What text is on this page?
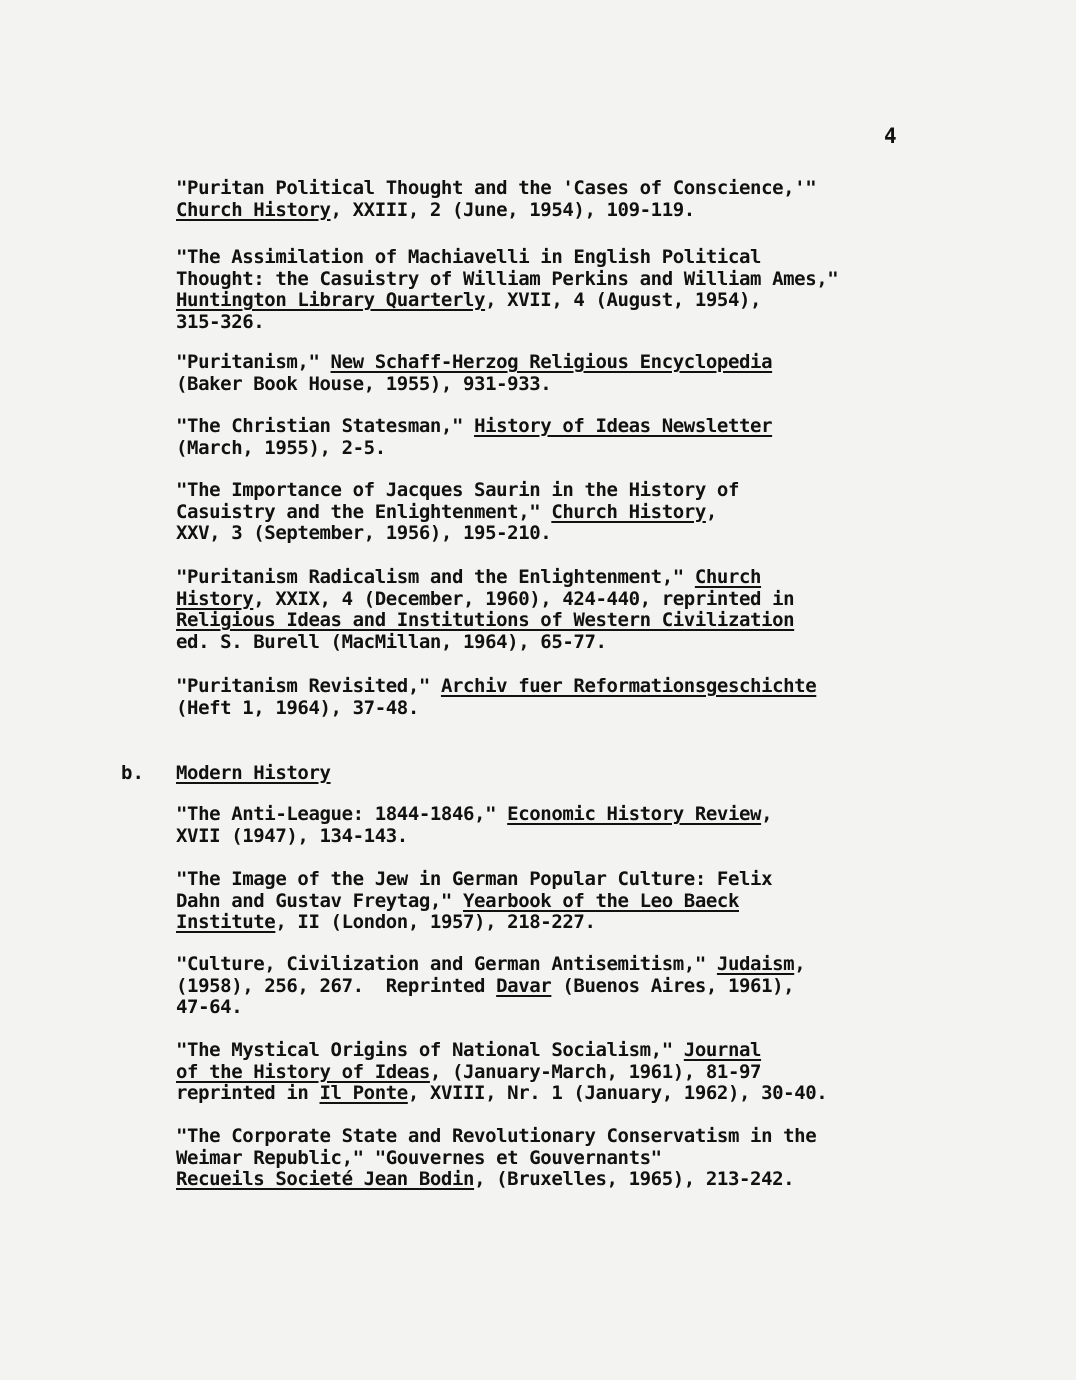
4
"Puritan Political Thought and the 'Cases of Conscience,'"
Church History, XXIII, 2 (June, 1954), 109-119.
"The Assimilation of Machiavelli in English Political
Thought: the Casuistry of William Perkins and William Ames,"
Huntington Library Quarterly, XVII, 4 (August, 1954),
315-326.
"Puritanism," New Schaff-Herzog Religious Encyclopedia
(Baker Book House, 1955), 931-933.
"The Christian Statesman," History of Ideas Newsletter
(March, 1955), 2-5.
"The Importance of Jacques Saurin in the History of
Casuistry and the Enlightenment," Church History,
XXV, 3 (September, 1956), 195-210.
"Puritanism Radicalism and the Enlightenment," Church
History, XXIX, 4 (December, 1960), 424-440, reprinted in
Religious Ideas and Institutions of Western Civilization
ed. S. Burell (MacMillan, 1964), 65-77.
"Puritanism Revisited," Archiv fuer Reformationsgeschichte
(Heft 1, 1964), 37-48.
b. Modern History
"The Anti-League: 1844-1846," Economic History Review,
XVII (1947), 134-143.
"The Image of the Jew in German Popular Culture: Felix
Dahn and Gustav Freytag," Yearbook of the Leo Baeck
Institute, II (London, 1957), 218-227.
"Culture, Civilization and German Antisemitism," Judaism,
(1958), 256, 267.  Reprinted Davar (Buenos Aires, 1961),
47-64.
"The Mystical Origins of National Socialism," Journal
of the History of Ideas, (January-March, 1961), 81-97
reprinted in Il Ponte, XVIII, Nr. 1 (January, 1962), 30-40.
"The Corporate State and Revolutionary Conservatism in the
Weimar Republic," "Gouvernes et Gouvernants"
Recueils Societé Jean Bodin, (Bruxelles, 1965), 213-242.
